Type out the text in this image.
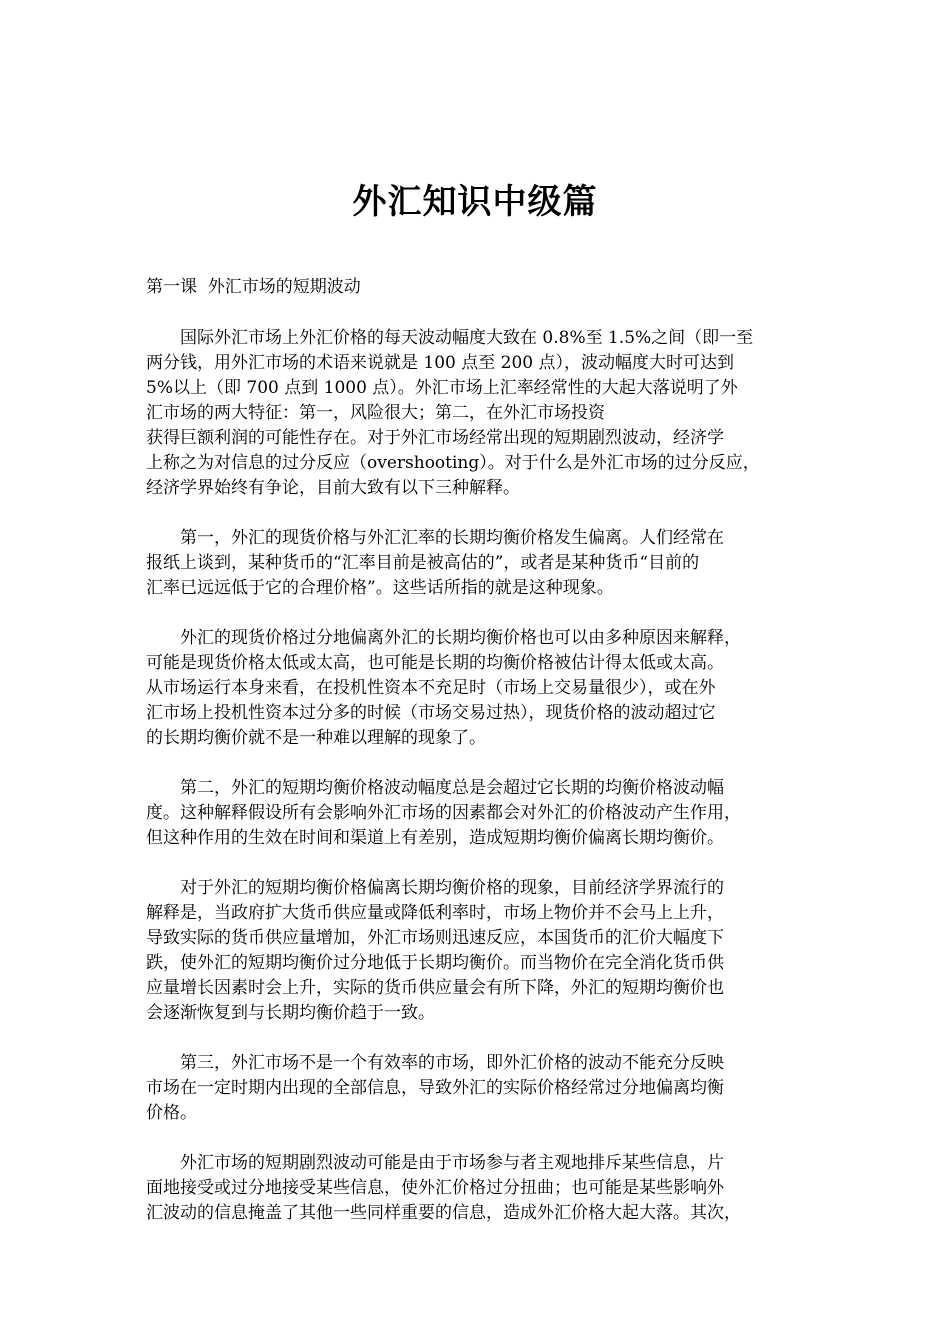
外汇知识中级篇

第一课  外汇市场的短期波动

国际外汇市场上外汇价格的每天波动幅度大致在 0.8%至 1.5%之间（即一至

两分钱，用外汇市场的术语来说就是 100 点至 200 点），波动幅度大时可达到

5%以上（即 700 点到 1000 点）。外汇市场上汇率经常性的大起大落说明了外

汇市场的两大特征：第一，风险很大；第二，在外汇市场投资

获得巨额利润的可能性存在。对于外汇市场经常出现的短期剧烈波动，经济学

上称之为对信息的过分反应（overshooting）。对于什么是外汇市场的过分反应，

经济学界始终有争论，目前大致有以下三种解释。

第一，外汇的现货价格与外汇汇率的长期均衡价格发生偏离。人们经常在

报纸上谈到，某种货币的“汇率目前是被高估的”，或者是某种货币“目前的

汇率已远远低于它的合理价格”。这些话所指的就是这种现象。

外汇的现货价格过分地偏离外汇的长期均衡价格也可以由多种原因来解释，

可能是现货价格太低或太高，也可能是长期的均衡价格被估计得太低或太高。

从市场运行本身来看，在投机性资本不充足时（市场上交易量很少），或在外

汇市场上投机性资本过分多的时候（市场交易过热），现货价格的波动超过它

的长期均衡价就不是一种难以理解的现象了。

第二，外汇的短期均衡价格波动幅度总是会超过它长期的均衡价格波动幅

度。这种解释假设所有会影响外汇市场的因素都会对外汇的价格波动产生作用，

但这种作用的生效在时间和渠道上有差别，造成短期均衡价偏离长期均衡价。

对于外汇的短期均衡价格偏离长期均衡价格的现象，目前经济学界流行的

解释是，当政府扩大货币供应量或降低利率时，市场上物价并不会马上上升，

导致实际的货币供应量增加，外汇市场则迅速反应，本国货币的汇价大幅度下

跌，使外汇的短期均衡价过分地低于长期均衡价。而当物价在完全消化货币供

应量增长因素时会上升，实际的货币供应量会有所下降，外汇的短期均衡价也

会逐渐恢复到与长期均衡价趋于一致。

第三，外汇市场不是一个有效率的市场，即外汇价格的波动不能充分反映

市场在一定时期内出现的全部信息，导致外汇的实际价格经常过分地偏离均衡

价格。

外汇市场的短期剧烈波动可能是由于市场参与者主观地排斥某些信息，片

面地接受或过分地接受某些信息，使外汇价格过分扭曲；也可能是某些影响外

汇波动的信息掩盖了其他一些同样重要的信息，造成外汇价格大起大落。其次，
